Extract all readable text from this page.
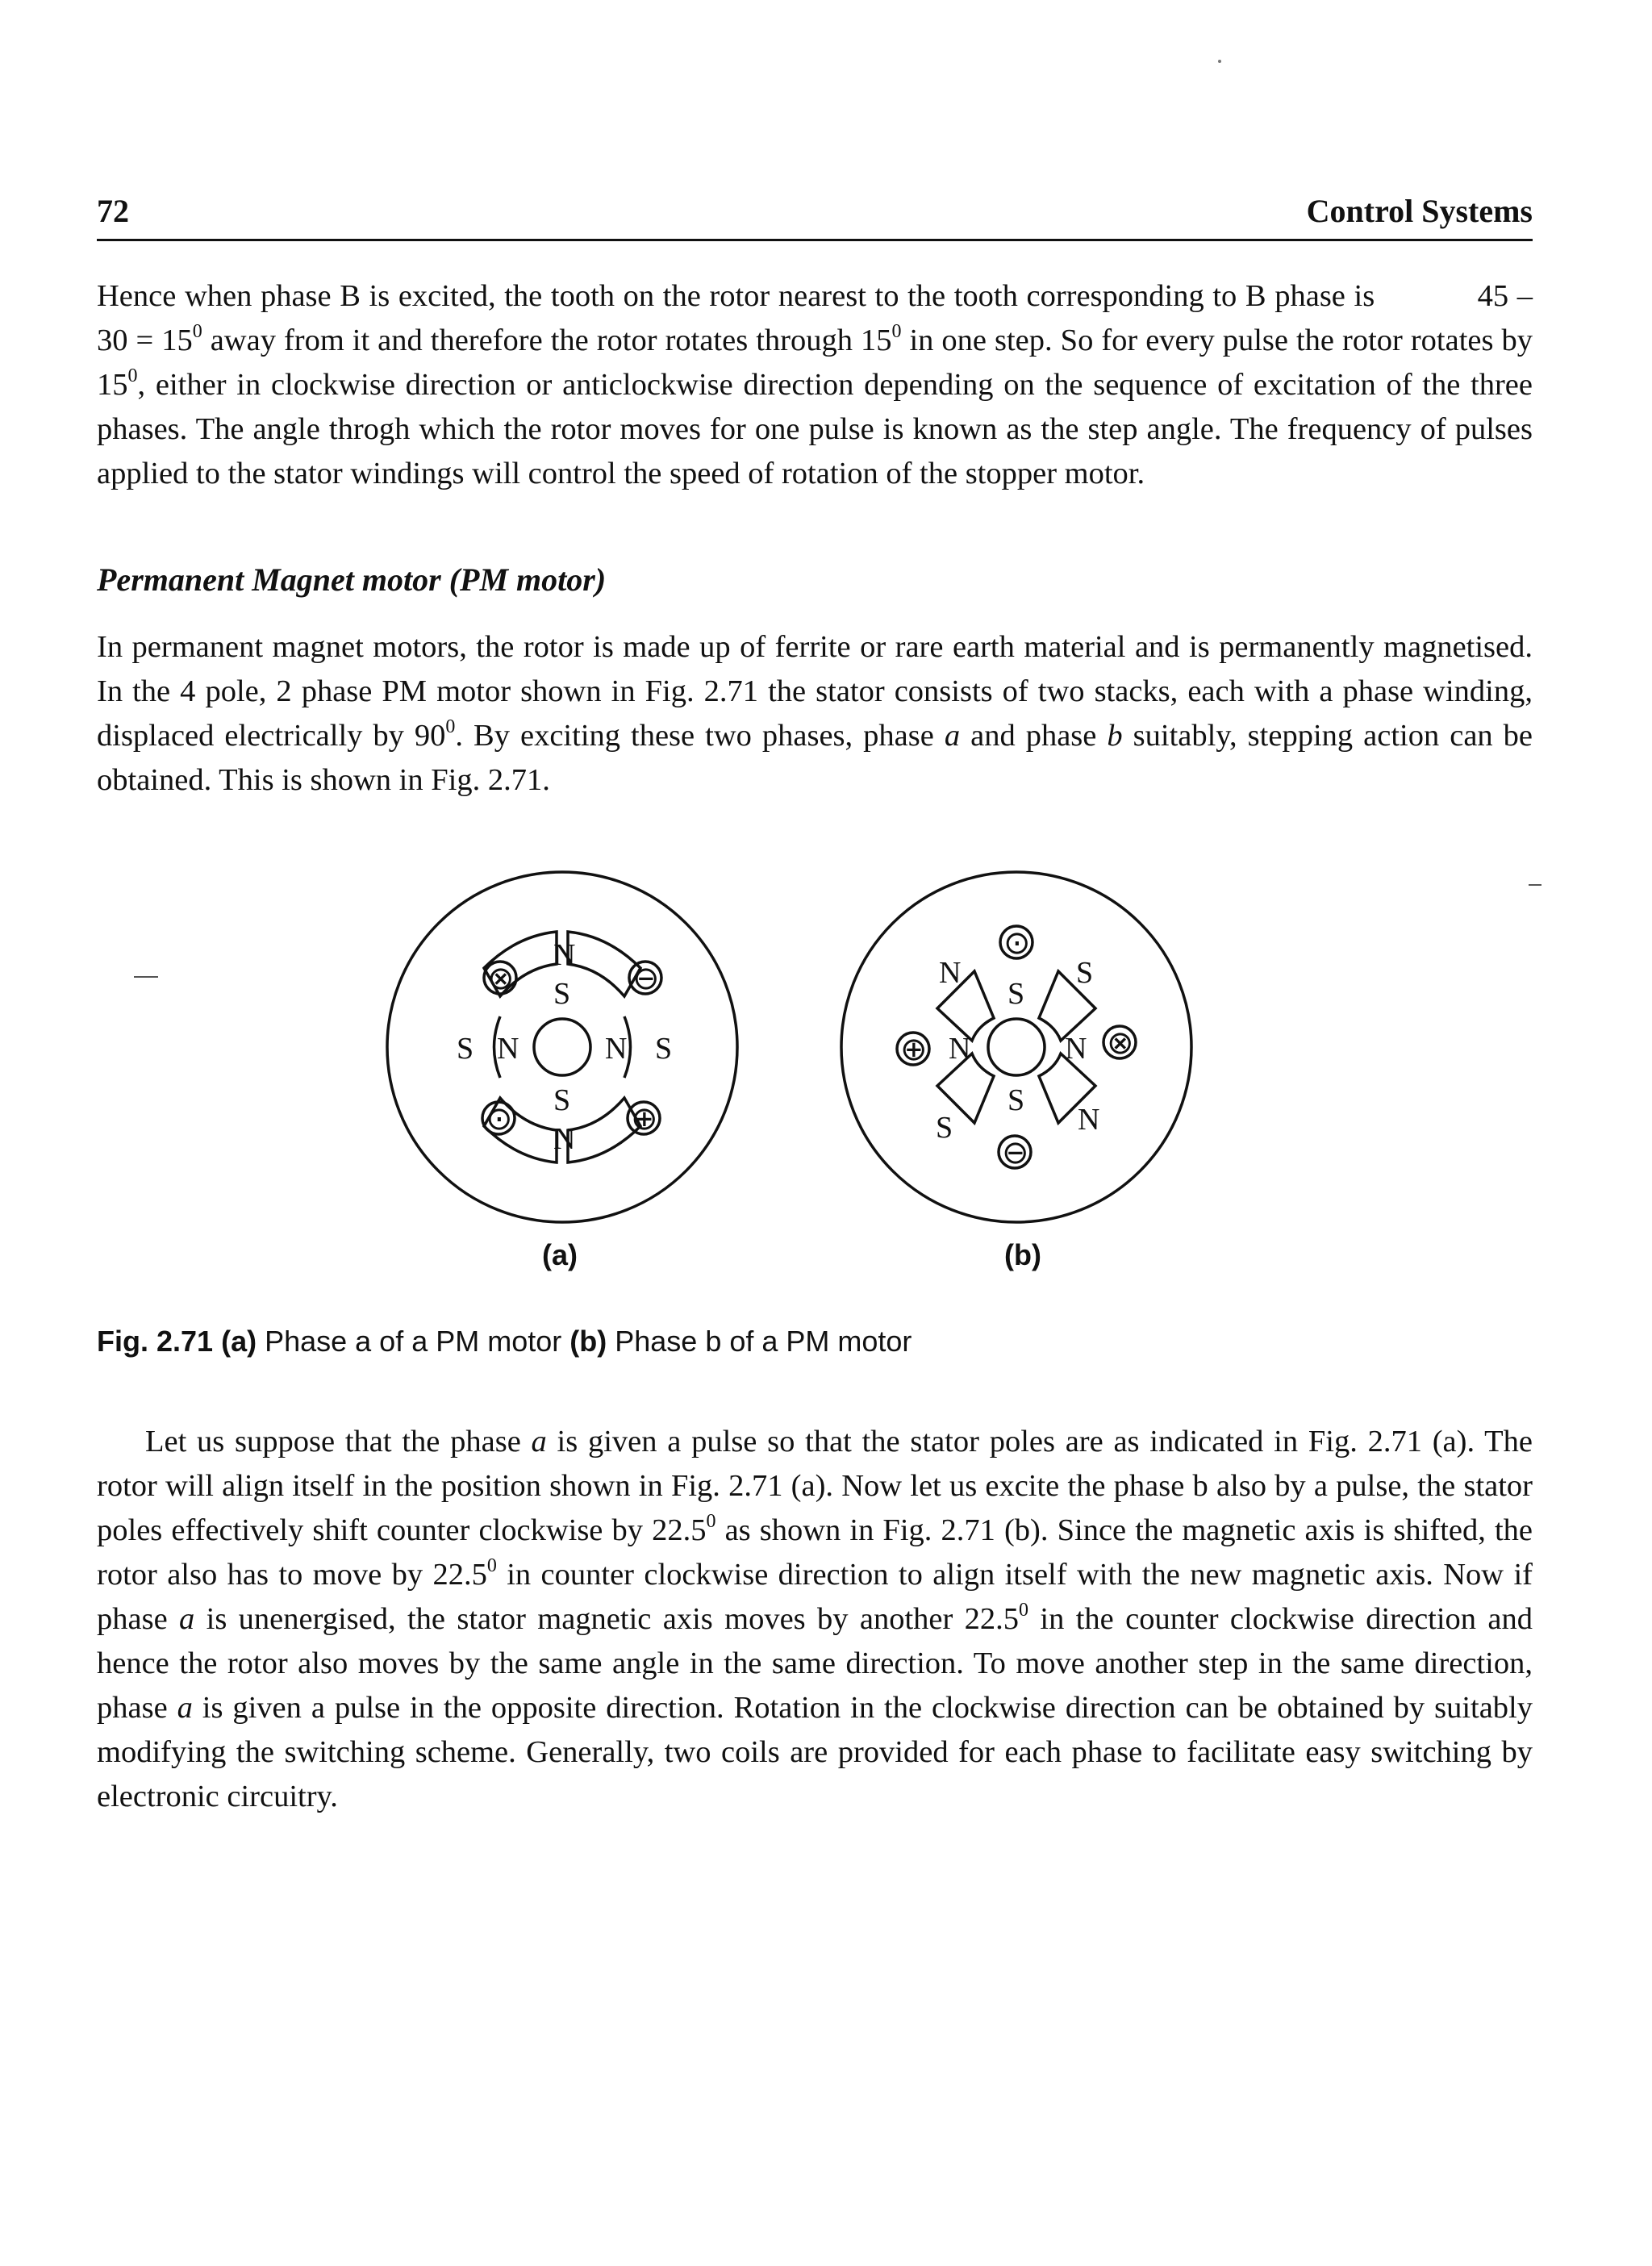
72	Control Systems

Hence when phase B is excited, the tooth on the rotor nearest to the tooth corresponding to B phase is            $45 - 30 = 15^0$ away from it and therefore the rotor rotates through $15^0$ in one step. So for every pulse the rotor rotates by $15^0$, either in clockwise direction or anticlockwise direction depending on the sequence of excitation of the three phases. The angle throgh which the rotor moves for one pulse is known as the step angle. The frequency of pulses applied to the stator windings will control the speed of rotation of the stopper motor.

Permanent Magnet motor (PM motor)

In permanent magnet motors, the rotor is made up of ferrite or rare earth material and is permanently magnetised. In the 4 pole, 2 phase PM motor shown in Fig. 2.71 the stator consists of two stacks, each with a phase winding, displaced electrically by $90^0$. By exciting these two phases, phase a and phase b suitably, stepping action can be obtained. This is shown in Fig. 2.71.

⊗	⊖
⊙	⊕
N
S
S N	N S
S
N
⊙
⊕	⊗
⊖
N	S
S
N	N
S
S	N
(a)	(b)
Fig. 2.71 (a) Phase a of a PM motor (b) Phase b of a PM motor

Let us suppose that the phase a is given a pulse so that the stator poles are as indicated in Fig. 2.71 (a). The rotor will align itself in the position shown in Fig. 2.71 (a). Now let us excite the phase b also by a pulse, the stator poles effectively shift counter clockwise by 22.5$^0$ as shown in Fig. 2.71 (b). Since the magnetic axis is shifted, the rotor also has to move by 22.5$^0$ in counter clockwise direction to align itself with the new magnetic axis. Now if phase a is unenergised, the stator magnetic axis moves by another 22.5$^0$ in the counter clockwise direction and hence the rotor also moves by the same angle in the same direction. To move another step in the same direction, phase a is given a pulse in the opposite direction. Rotation in the clockwise direction can be obtained by suitably modifying the switching scheme. Generally, two coils are provided for each phase to facilitate easy switching by electronic circuitry.
